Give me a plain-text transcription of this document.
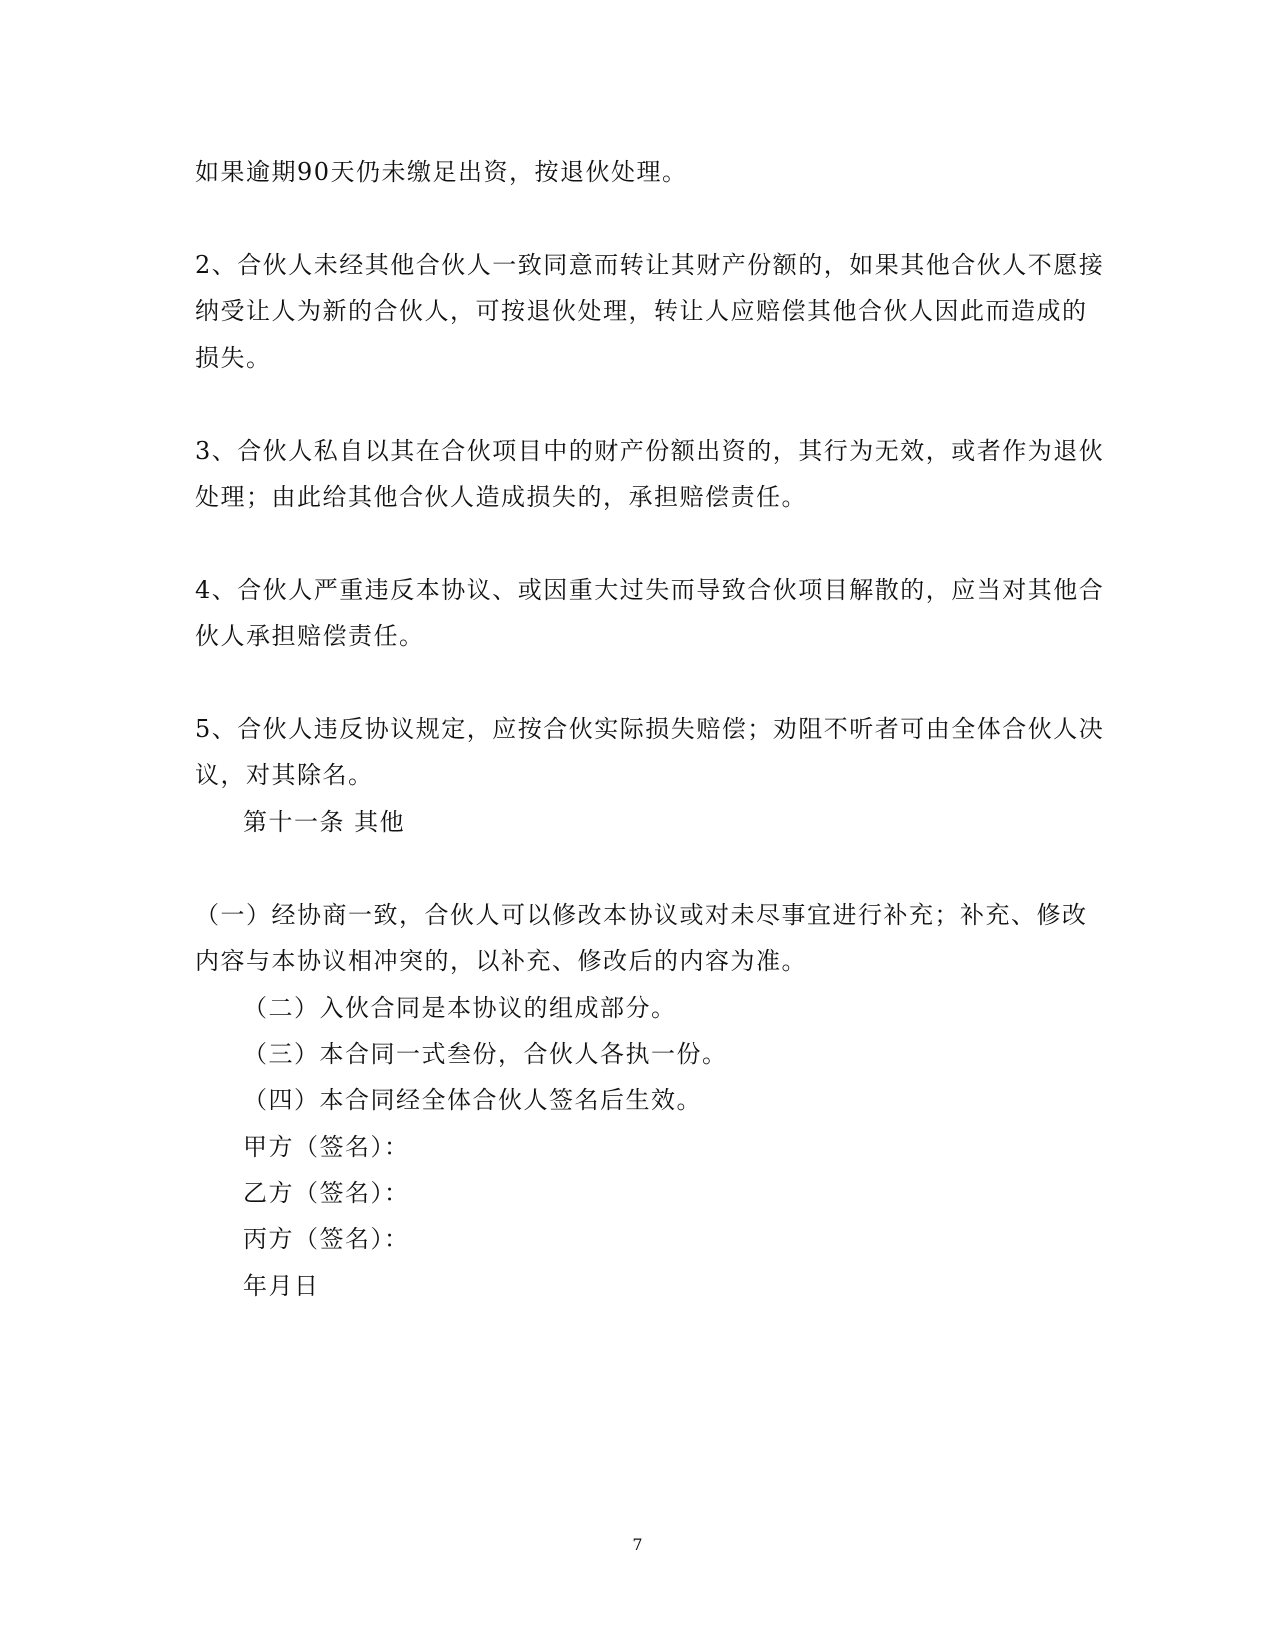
如果逾期90天仍未缴足出资，按退伙处理。
2、合伙人未经其他合伙人一致同意而转让其财产份额的，如果其他合伙人不愿接
纳受让人为新的合伙人，可按退伙处理，转让人应赔偿其他合伙人因此而造成的
损失。
3、合伙人私自以其在合伙项目中的财产份额出资的，其行为无效，或者作为退伙
处理；由此给其他合伙人造成损失的，承担赔偿责任。
4、合伙人严重违反本协议、或因重大过失而导致合伙项目解散的，应当对其他合
伙人承担赔偿责任。
5、合伙人违反协议规定，应按合伙实际损失赔偿；劝阻不听者可由全体合伙人决
议，对其除名。
第十一条 其他
（一）经协商一致，合伙人可以修改本协议或对未尽事宜进行补充；补充、修改
内容与本协议相冲突的，以补充、修改后的内容为准。
（二）入伙合同是本协议的组成部分。
（三）本合同一式叁份，合伙人各执一份。
（四）本合同经全体合伙人签名后生效。
甲方（签名）：
乙方（签名）：
丙方（签名）：
年月日
7
